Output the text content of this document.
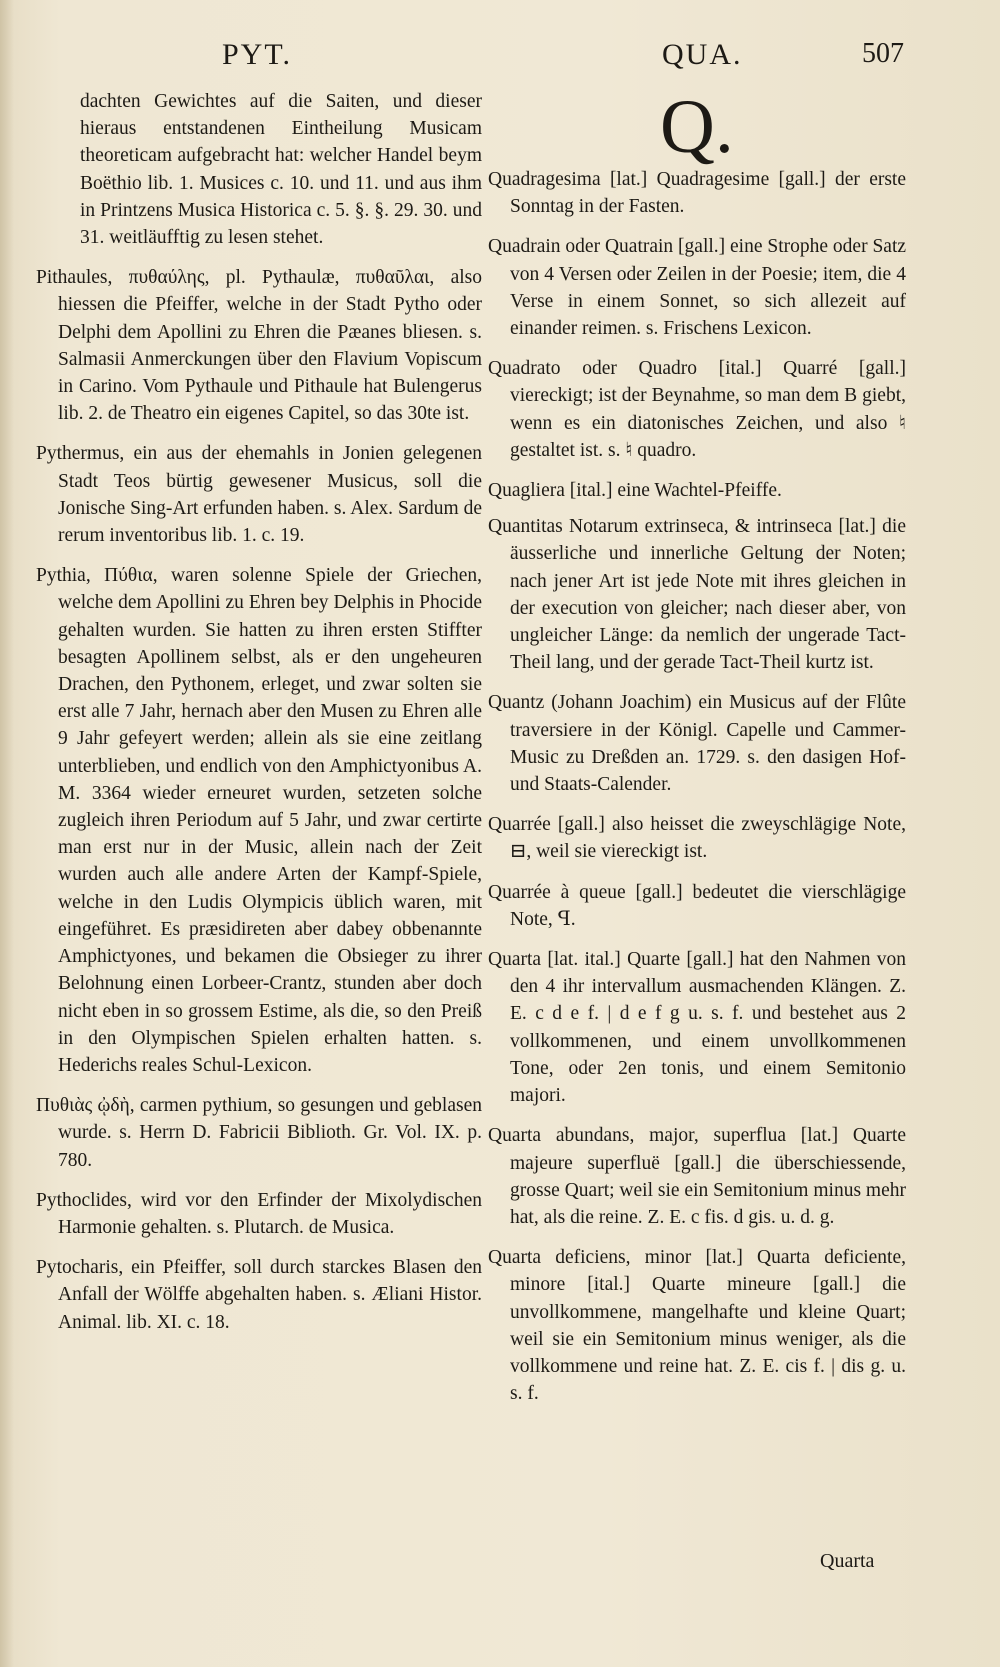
PYT.	QUA.	507

dachten Gewichtes auf die Saiten, und dieser hieraus entstandenen Eintheilung Musicam theoreticam aufgebracht hat: welcher Handel beym Boëthio lib. 1. Musices c. 10. und 11. und aus ihm in Printzens Musica Historica c. 5. §. §. 29. 30. und 31. weitläufftig zu lesen stehet.

Pithaules, πυθαύλης, pl. Pythaulæ, πυθαῦλαι, also hiessen die Pfeiffer, welche in der Stadt Pytho oder Delphi dem Apollini zu Ehren die Pæanes bliesen. s. Salmasii Anmerckungen über den Flavium Vopiscum in Carino. Vom Pythaule und Pithaule hat Bulengerus lib. 2. de Theatro ein eigenes Capitel, so das 30te ist.

Pythermus, ein aus der ehemahls in Jonien gelegenen Stadt Teos bürtig gewesener Musicus, soll die Jonische Sing-Art erfunden haben. s. Alex. Sardum de rerum inventoribus lib. 1. c. 19.

Pythia, Πύθια, waren solenne Spiele der Griechen, welche dem Apollini zu Ehren bey Delphis in Phocide gehalten wurden. Sie hatten zu ihren ersten Stiffter besagten Apollinem selbst, als er den ungeheuren Drachen, den Pythonem, erleget, und zwar solten sie erst alle 7 Jahr, hernach aber den Musen zu Ehren alle 9 Jahr gefeyert werden; allein als sie eine zeitlang unterblieben, und endlich von den Amphictyonibus A. M. 3364 wieder erneuret wurden, setzeten solche zugleich ihren Periodum auf 5 Jahr, und zwar certirte man erst nur in der Music, allein nach der Zeit wurden auch alle andere Arten der Kampf-Spiele, welche in den Ludis Olympicis üblich waren, mit eingeführet. Es præsidireten aber dabey obbenannte Amphictyones, und bekamen die Obsieger zu ihrer Belohnung einen Lorbeer-Crantz, stunden aber doch nicht eben in so grossem Estime, als die, so den Preiß in den Olympischen Spielen erhalten hatten. s. Hederichs reales Schul-Lexicon.

Πυθιὰς ᾠδὴ, carmen pythium, so gesungen und geblasen wurde. s. Herrn D. Fabricii Biblioth. Gr. Vol. IX. p. 780.

Pythoclides, wird vor den Erfinder der Mixolydischen Harmonie gehalten. s. Plutarch. de Musica.

Pytocharis, ein Pfeiffer, soll durch starckes Blasen den Anfall der Wölffe abgehalten haben. s. Æliani Histor. Animal. lib. XI. c. 18.

Q.

Quadragesima [lat.] Quadragesime [gall.] der erste Sonntag in der Fasten.

Quadrain oder Quatrain [gall.] eine Strophe oder Satz von 4 Versen oder Zeilen in der Poesie; item, die 4 Verse in einem Sonnet, so sich allezeit auf einander reimen. s. Frischens Lexicon.

Quadrato oder Quadro [ital.] Quarré [gall.] viereckigt; ist der Beynahme, so man dem B giebt, wenn es ein diatonisches Zeichen, und also ♮ gestaltet ist. s. ♮ quadro.

Quagliera [ital.] eine Wachtel-Pfeiffe.

Quantitas Notarum extrinseca, & intrinseca [lat.] die äusserliche und innerliche Geltung der Noten; nach jener Art ist jede Note mit ihres gleichen in der execution von gleicher; nach dieser aber, von ungleicher Länge: da nemlich der ungerade Tact-Theil lang, und der gerade Tact-Theil kurtz ist.

Quantz (Johann Joachim) ein Musicus auf der Flûte traversiere in der Königl. Capelle und Cammer-Music zu Dreßden an. 1729. s. den dasigen Hof- und Staats-Calender.

Quarrée [gall.] also heisset die zweyschlägige Note, ⊟, weil sie viereckigt ist.

Quarrée à queue [gall.] bedeutet die vierschlägige Note, ꟼ.

Quarta [lat. ital.] Quarte [gall.] hat den Nahmen von den 4 ihr intervallum ausmachenden Klängen. Z. E. c d e f. | d e f g u. s. f. und bestehet aus 2 vollkommenen, und einem unvollkommenen Tone, oder 2en tonis, und einem Semitonio majori.

Quarta abundans, major, superflua [lat.] Quarte majeure superfluë [gall.] die überschiessende, grosse Quart; weil sie ein Semitonium minus mehr hat, als die reine. Z. E. c fis. d gis. u. d. g.

Quarta deficiens, minor [lat.] Quarta deficiente, minore [ital.] Quarte mineure [gall.] die unvollkommene, mangelhafte und kleine Quart; weil sie ein Semitonium minus weniger, als die vollkommene und reine hat. Z. E. cis f. | dis g. u. s. f.

Quarta
